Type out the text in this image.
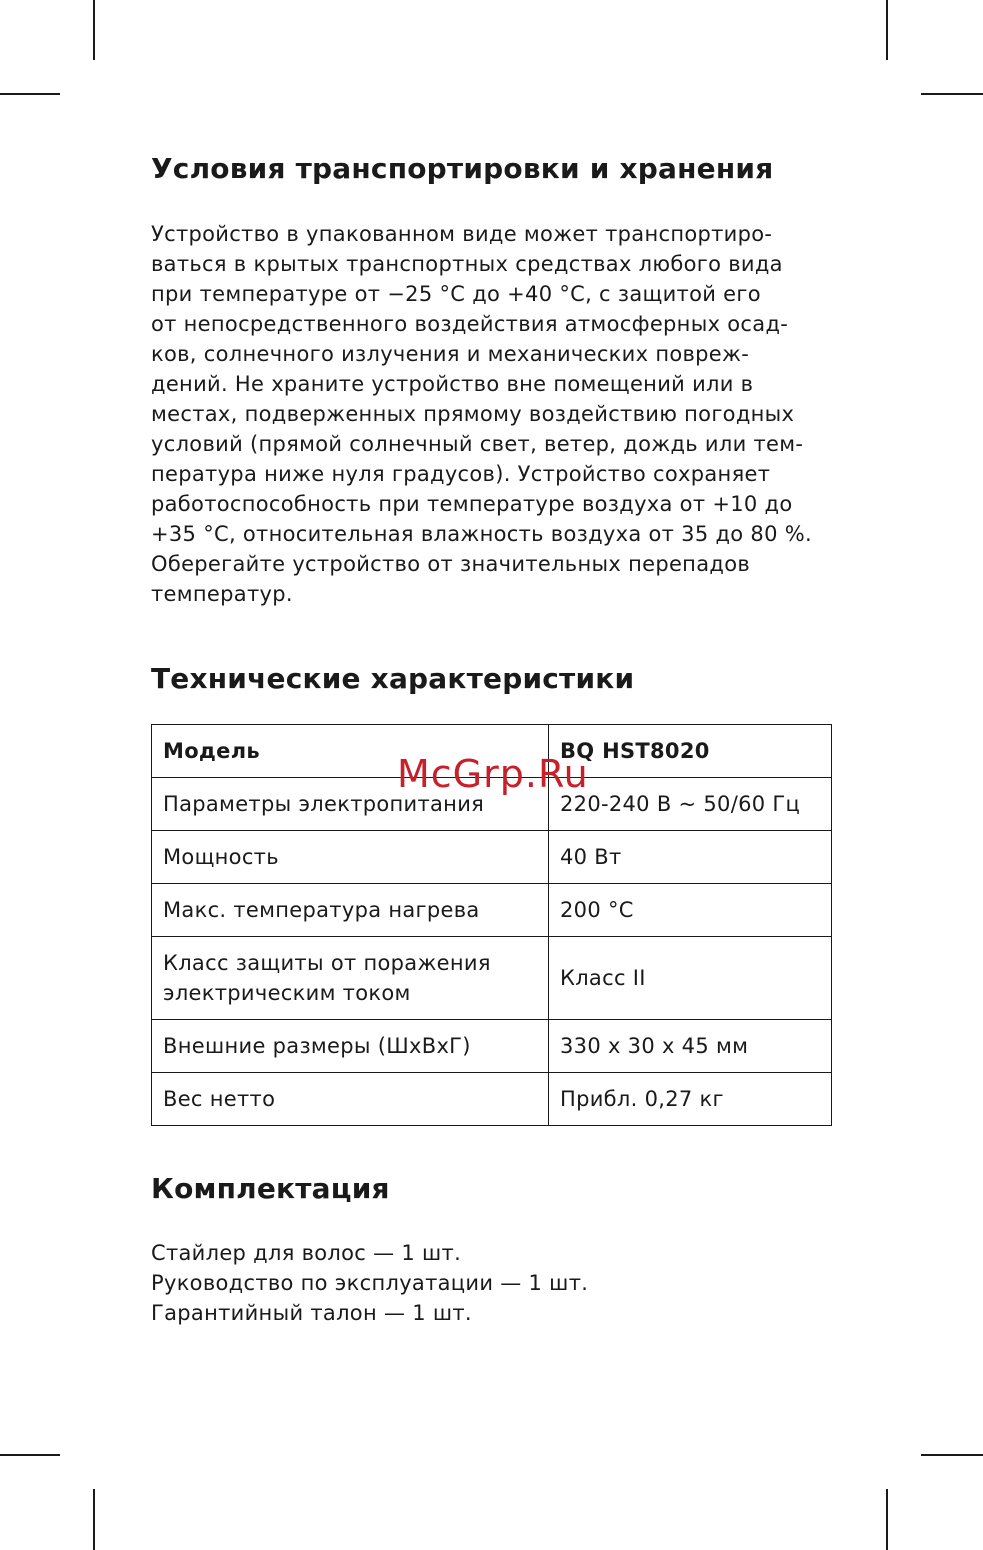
Условия транспортировки и хранения
Устройство в упакованном виде может транспортиро-
ваться в крытых транспортных средствах любого вида
при температуре от −25 °С до +40 °С, с защитой его
от непосредственного воздействия атмосферных осад-
ков, солнечного излучения и механических повреж-
дений. Не храните устройство вне помещений или в
местах, подверженных прямому воздействию погодных
условий (прямой солнечный свет, ветер, дождь или тем-
пература ниже нуля градусов). Устройство сохраняет
работоспособность при температуре воздуха от +10 до
+35 °С, относительная влажность воздуха от 35 до 80 %.
Оберегайте устройство от значительных перепадов
температур.
Технические характеристики
Модель	BQ HST8020
Параметры электропитания	220-240 В ~ 50/60 Гц
Мощность	40 Вт
Макс. температура нагрева	200 °С

Класс защиты от поражения
электрическим током	Класс II
Внешние размеры (ШхВхГ)	330 х 30 х 45 мм
Вес нетто	Прибл. 0,27 кг
McGrp.Ru
Комплектация
Стайлер для волос — 1 шт.
Руководство по эксплуатации — 1 шт.
Гарантийный талон — 1 шт.
